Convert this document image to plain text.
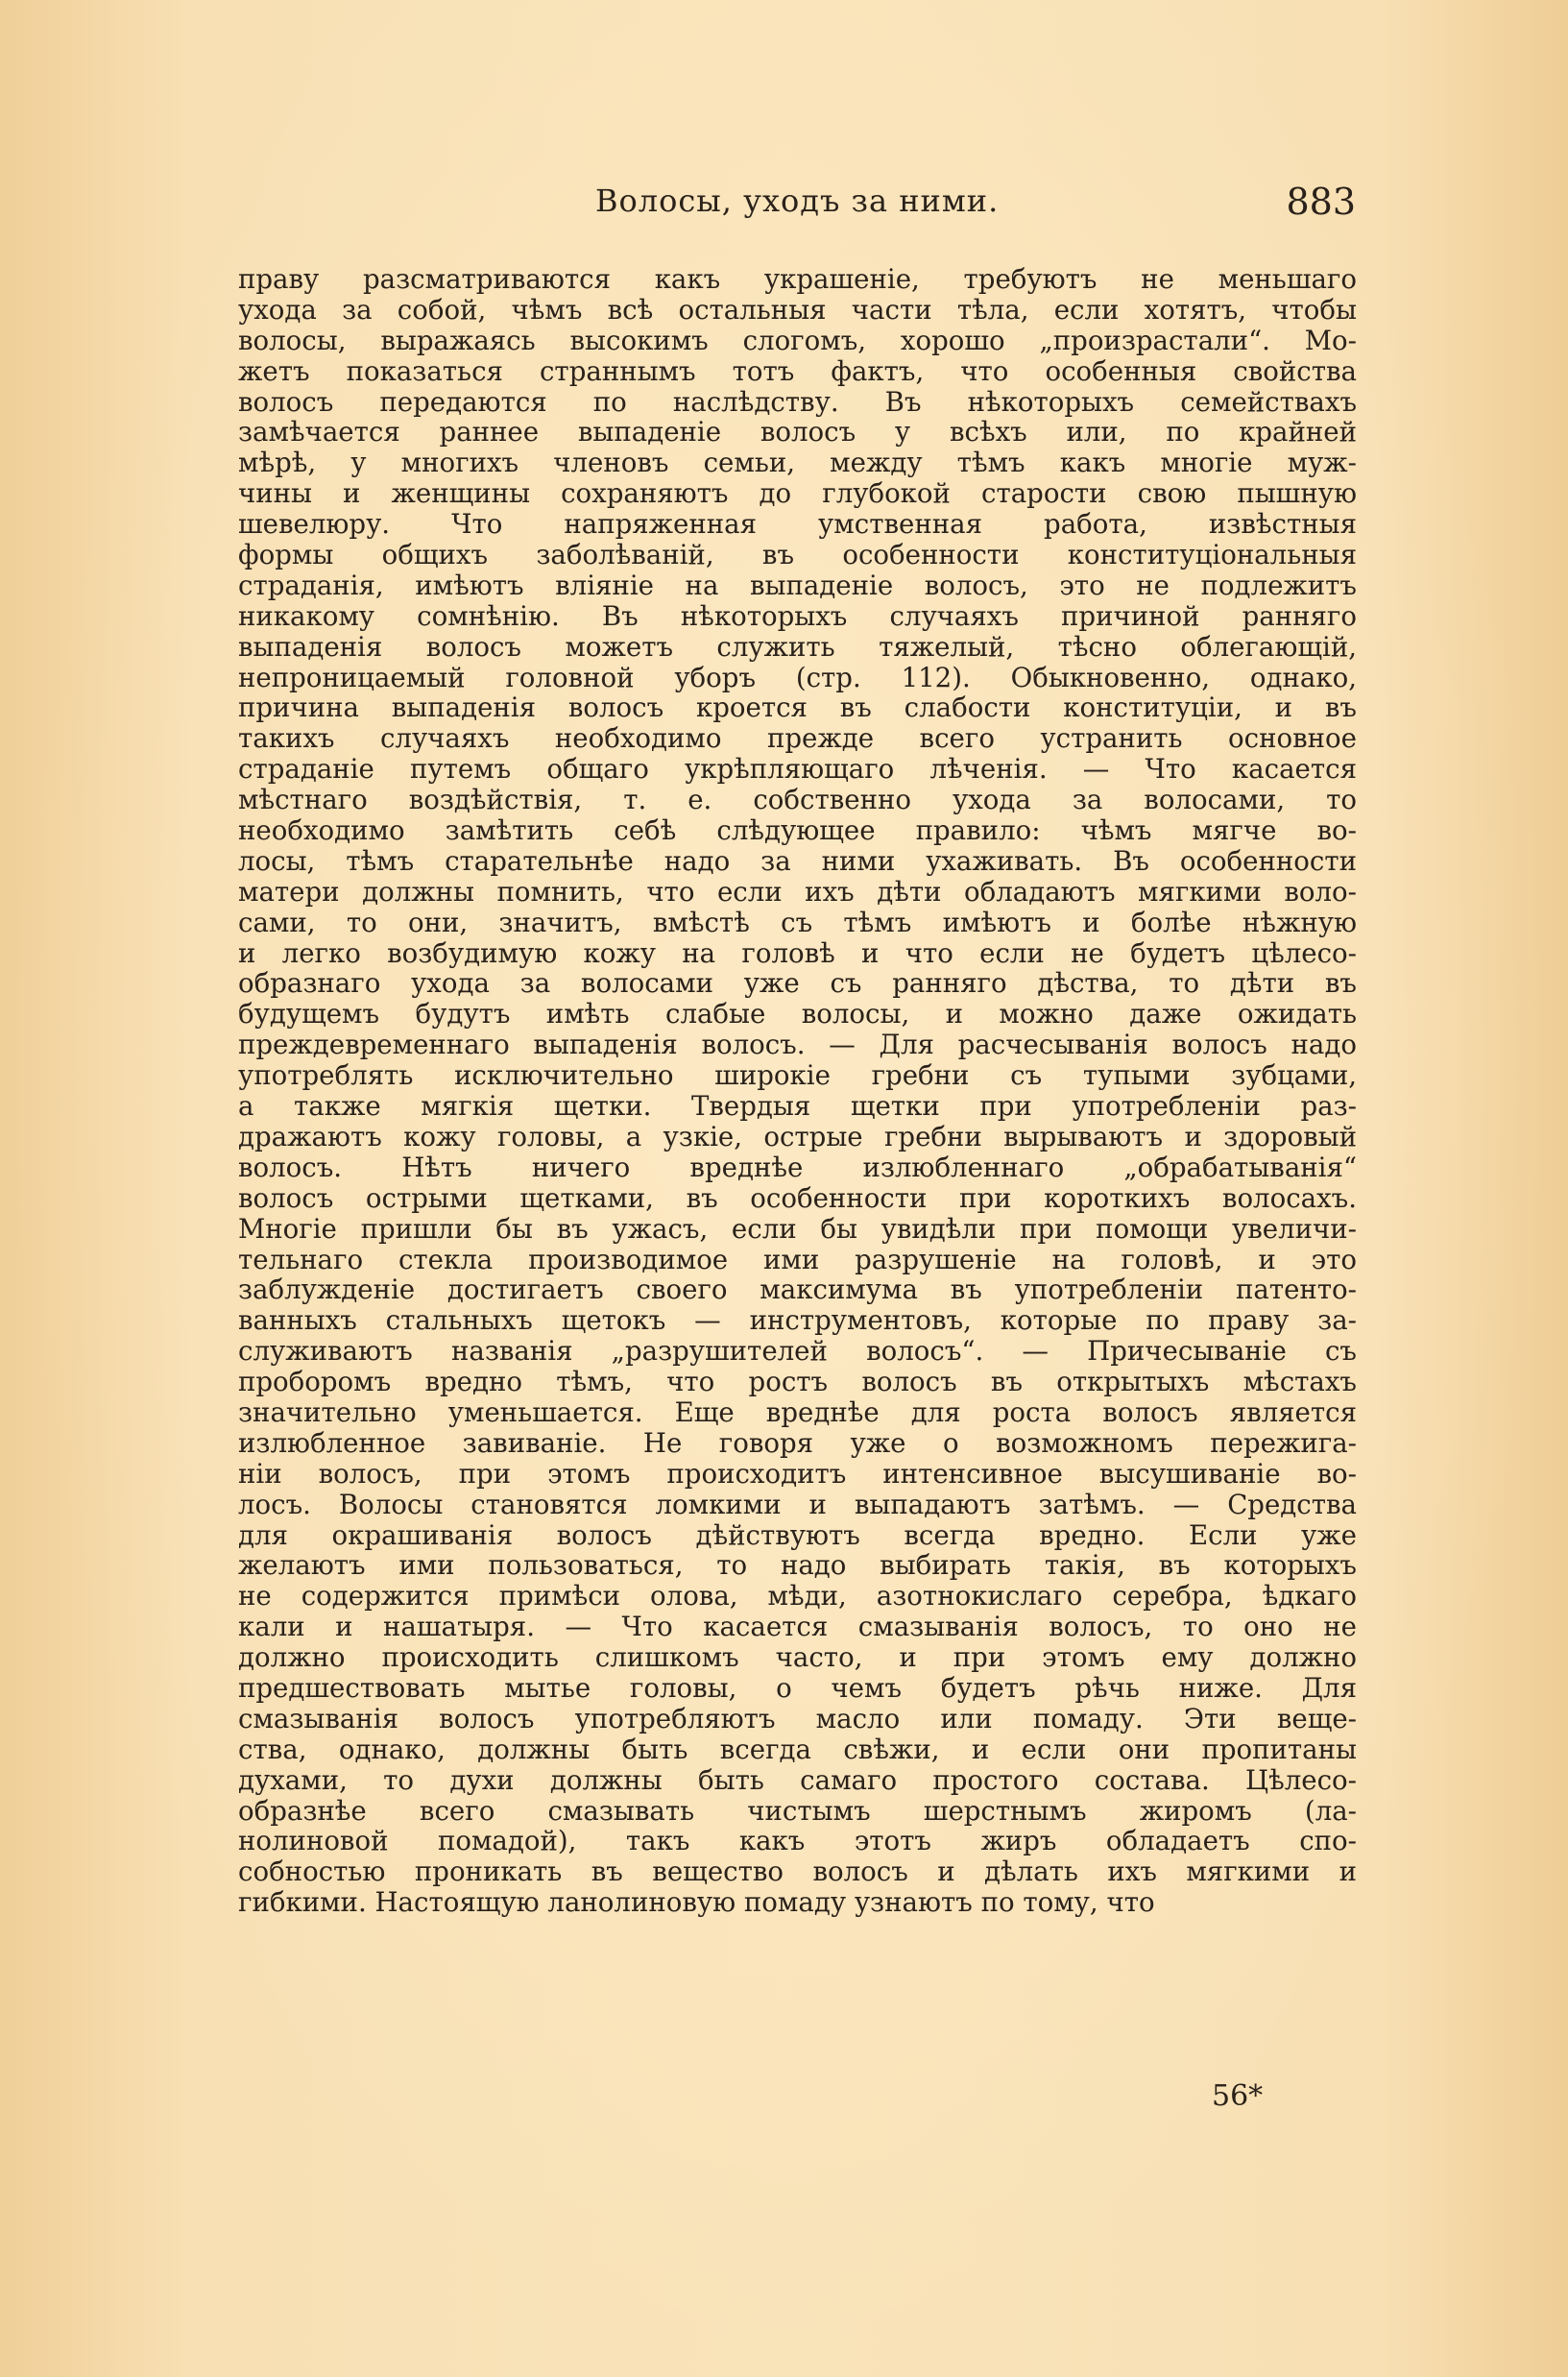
Волосы, уходъ за ними.	883
праву разсматриваются какъ украшенiе, требуютъ не меньшаго
ухода за собой, чѣмъ всѣ остальныя части тѣла, если хотятъ, чтобы
волосы, выражаясь высокимъ слогомъ, хорошо „произрастали“. Мо-
жетъ показаться страннымъ тотъ фактъ, что особенныя свойства
волосъ передаются по наслѣдству. Въ нѣкоторыхъ семействахъ
замѣчается раннее выпаденiе волосъ у всѣхъ или, по крайней
мѣрѣ, у многихъ членовъ семьи, между тѣмъ какъ многiе муж-
чины и женщины сохраняютъ до глубокой старости свою пышную
шевелюру. Что напряженная умственная работа, извѣстныя
формы общихъ заболѣванiй, въ особенности конституцiональныя
страданiя, имѣютъ влiянiе на выпаденiе волосъ, это не подлежитъ
никакому сомнѣнiю. Въ нѣкоторыхъ случаяхъ причиной ранняго
выпаденiя волосъ можетъ служить тяжелый, тѣсно облегающiй,
непроницаемый головной уборъ (стр. 112). Обыкновенно, однако,
причина выпаденiя волосъ кроется въ слабости конституцiи, и въ
такихъ случаяхъ необходимо прежде всего устранить основное
страданiе путемъ общаго укрѣпляющаго лѣченiя. — Что касается
мѣстнаго воздѣйствiя, т. е. собственно ухода за волосами, то
необходимо замѣтить себѣ слѣдующее правило: чѣмъ мягче во-
лосы, тѣмъ старательнѣе надо за ними ухаживать. Въ особенности
матери должны помнить, что если ихъ дѣти обладаютъ мягкими воло-
сами, то они, значитъ, вмѣстѣ съ тѣмъ имѣютъ и болѣе нѣжную
и легко возбудимую кожу на головѣ и что если не будетъ цѣлесо-
образнаго ухода за волосами уже съ ранняго дѣства, то дѣти въ
будущемъ будутъ имѣть слабые волосы, и можно даже ожидать
преждевременнаго выпаденiя волосъ. — Для расчесыванiя волосъ надо
употреблять исключительно широкiе гребни съ тупыми зубцами,
а также мягкiя щетки. Твердыя щетки при употребленiи раз-
дражаютъ кожу головы, а узкiе, острые гребни вырываютъ и здоровый
волосъ. Нѣтъ ничего вреднѣе излюбленнаго „обрабатыванiя“
волосъ острыми щетками, въ особенности при короткихъ волосахъ.
Многiе пришли бы въ ужасъ, если бы увидѣли при помощи увеличи-
тельнаго стекла производимое ими разрушенiе на головѣ, и это
заблужденiе достигаетъ своего максимума въ употребленiи патенто-
ванныхъ стальныхъ щетокъ — инструментовъ, которые по праву за-
служиваютъ названiя „разрушителей волосъ“. — Причесыванiе съ
проборомъ вредно тѣмъ, что ростъ волосъ въ открытыхъ мѣстахъ
значительно уменьшается. Еще вреднѣе для роста волосъ является
излюбленное завиванiе. Не говоря уже о возможномъ пережига-
нiи волосъ, при этомъ происходитъ интенсивное высушиванiе во-
лосъ. Волосы становятся ломкими и выпадаютъ затѣмъ. — Средства
для окрашиванiя волосъ дѣйствуютъ всегда вредно. Если уже
желаютъ ими пользоваться, то надо выбирать такiя, въ которыхъ
не содержится примѣси олова, мѣди, азотнокислаго серебра, ѣдкаго
кали и нашатыря. — Что касается смазыванiя волосъ, то оно не
должно происходить слишкомъ часто, и при этомъ ему должно
предшествовать мытье головы, о чемъ будетъ рѣчь ниже. Для
смазыванiя волосъ употребляютъ масло или помаду. Эти веще-
ства, однако, должны быть всегда свѣжи, и если они пропитаны
духами, то духи должны быть самаго простого состава. Цѣлесо-
образнѣе всего смазывать чистымъ шерстнымъ жиромъ (ла-
нолиновой помадой), такъ какъ этотъ жиръ обладаетъ спо-
собностью проникать въ вещество волосъ и дѣлать ихъ мягкими и
гибкими. Настоящую ланолиновую помаду узнаютъ по тому, что
56*
